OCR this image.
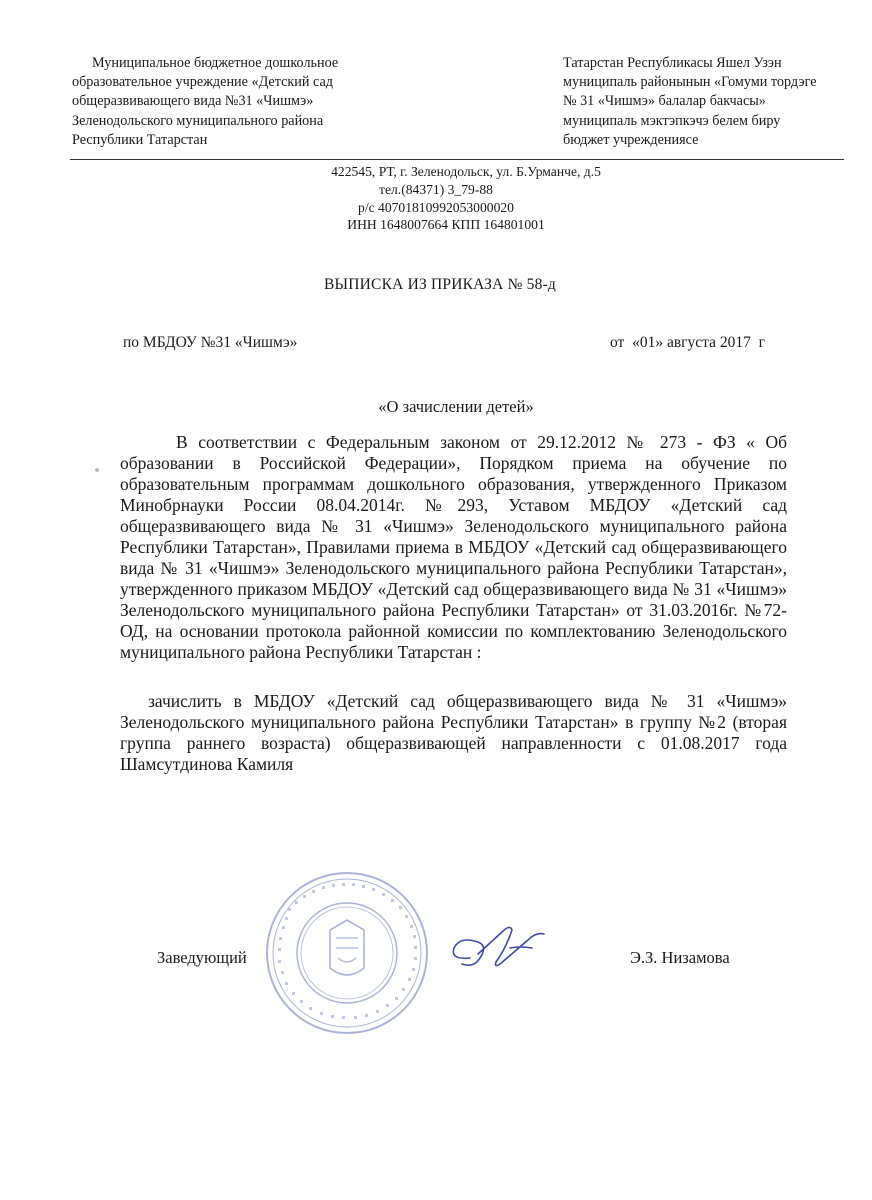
Муниципальное бюджетное дошкольное
образовательное учреждение «Детский сад
общеразвивающего вида №31 «Чишмэ»
Зеленодольского муниципального района
Республики Татарстан
Татарстан Республикасы Яшел Узэн
муниципаль районынын «Гомуми тордэге
№ 31 «Чишмэ» балалар бакчасы»
муниципаль мэктэпкэчэ белем биру
бюджет учреждениясе
422545, РТ, г. Зеленодольск, ул. Б.Урманче, д.5
тел.(84371) 3_79-88
р/с 40701810992053000020
ИНН 1648007664 КПП 164801001
ВЫПИСКА ИЗ ПРИКАЗА № 58-д
по МБДОУ №31 «Чишмэ»	от  «01» августа 2017  г
«О зачислении детей»

В соответствии с Федеральным законом от 29.12.2012 № 273 - ФЗ « Об образовании в Российской Федерации», Порядком приема на обучение по образовательным программам дошкольного образования, утвержденного Приказом Минобрнауки России 08.04.2014г. №293, Уставом МБДОУ «Детский сад общеразвивающего вида № 31 «Чишмэ» Зеленодольского муниципального района Республики Татарстан», Правилами приема в МБДОУ «Детский сад общеразвивающего вида № 31 «Чишмэ» Зеленодольского муниципального района Республики Татарстан», утвержденного приказом МБДОУ «Детский сад общеразвивающего вида № 31 «Чишмэ» Зеленодольского муниципального района Республики Татарстан» от 31.03.2016г. №72-ОД, на основании протокола районной комиссии по комплектованию Зеленодольского муниципального района Республики Татарстан :

зачислить в МБДОУ «Детский сад общеразвивающего вида № 31 «Чишмэ» Зеленодольского муниципального района Республики Татарстан» в группу №2 (вторая группа раннего возраста) общеразвивающей направленности с 01.08.2017 года Шамсутдинова Камиля

Заведующий	Э.З. Низамова
